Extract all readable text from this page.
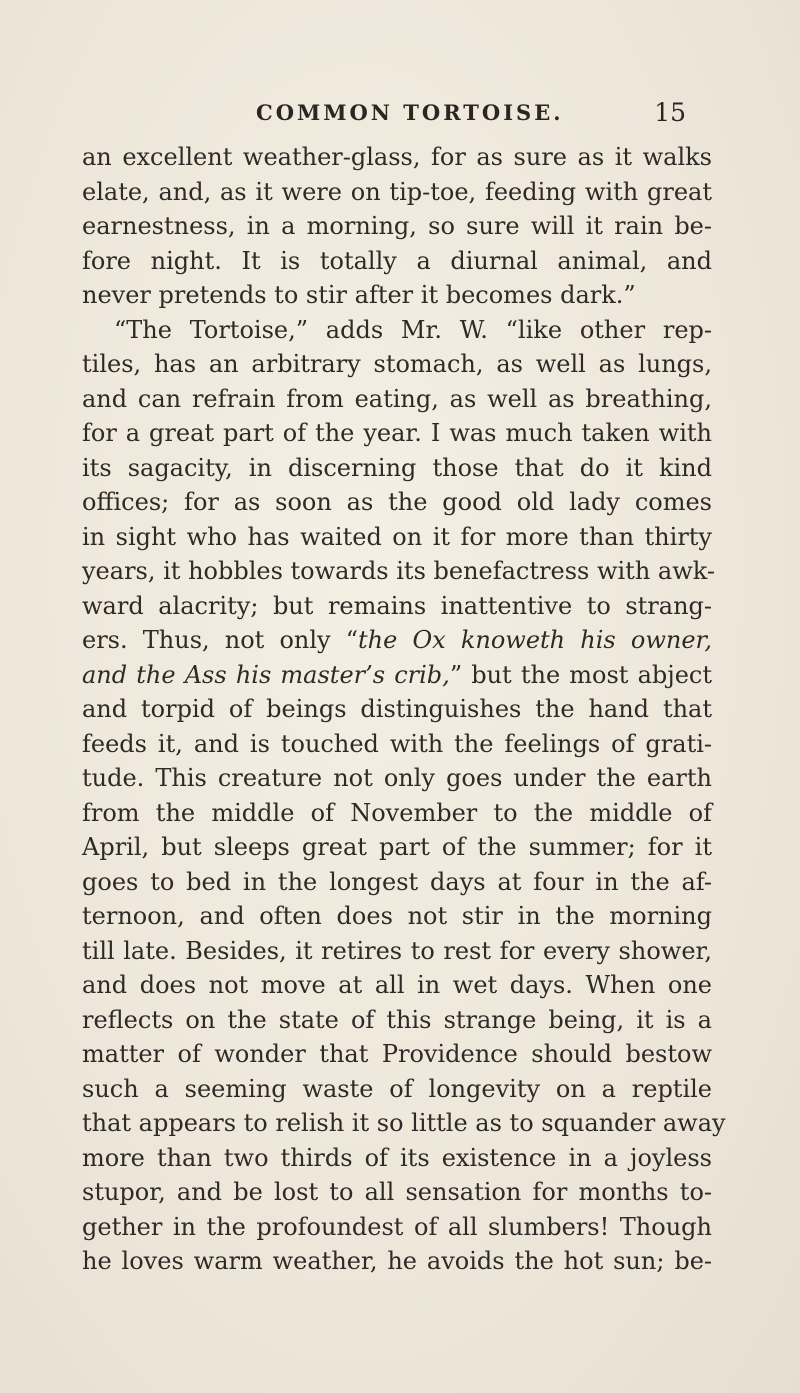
COMMON TORTOISE.	15
an excellent weather-glass, for as sure as it walks
elate, and, as it were on tip-toe, feeding with great
earnestness, in a morning, so sure will it rain be-
fore night. It is totally a diurnal animal, and
never pretends to stir after it becomes dark.”
“The Tortoise,” adds Mr. W. “like other rep-
tiles, has an arbitrary stomach, as well as lungs,
and can refrain from eating, as well as breathing,
for a great part of the year. I was much taken with
its sagacity, in discerning those that do it kind
offices; for as soon as the good old lady comes
in sight who has waited on it for more than thirty
years, it hobbles towards its benefactress with awk-
ward alacrity; but remains inattentive to strang-
ers. Thus, not only “the Ox knoweth his owner,
and the Ass his master’s crib,” but the most abject
and torpid of beings distinguishes the hand that
feeds it, and is touched with the feelings of grati-
tude. This creature not only goes under the earth
from the middle of November to the middle of
April, but sleeps great part of the summer; for it
goes to bed in the longest days at four in the af-
ternoon, and often does not stir in the morning
till late. Besides, it retires to rest for every shower,
and does not move at all in wet days. When one
reflects on the state of this strange being, it is a
matter of wonder that Providence should bestow
such a seeming waste of longevity on a reptile
that appears to relish it so little as to squander away
more than two thirds of its existence in a joyless
stupor, and be lost to all sensation for months to-
gether in the profoundest of all slumbers! Though
he loves warm weather, he avoids the hot sun; be-
